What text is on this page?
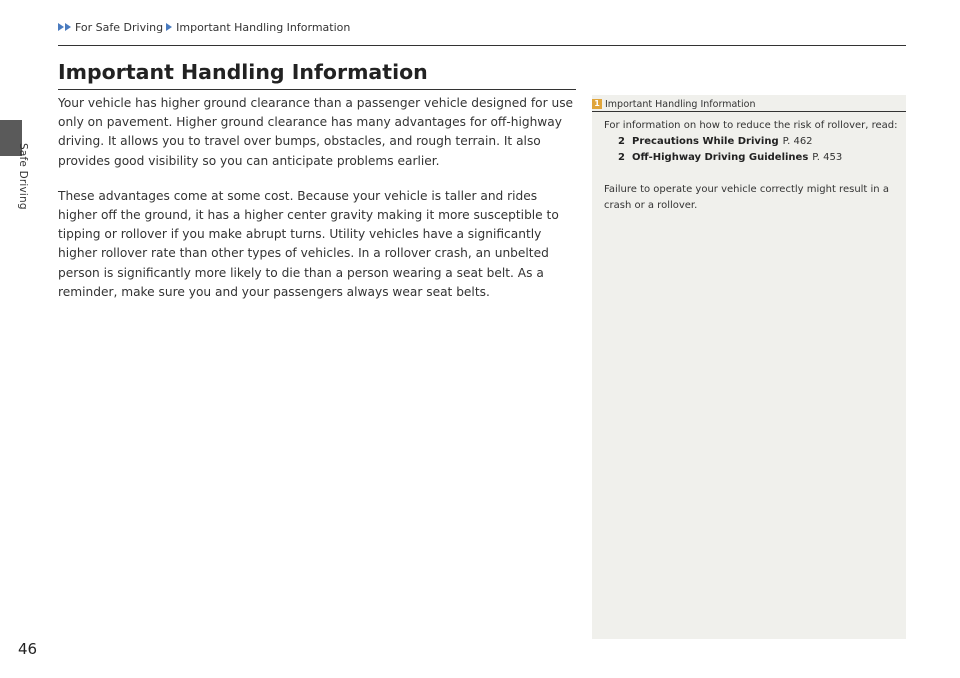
Safe Driving
For Safe Driving Important Handling Information
Important Handling Information

Your vehicle has higher ground clearance than a passenger vehicle designed for use only on pavement. Higher ground clearance has many advantages for off-highway driving. It allows you to travel over bumps, obstacles, and rough terrain. It also provides good visibility so you can anticipate problems earlier.

These advantages come at some cost. Because your vehicle is taller and rides higher off the ground, it has a higher center gravity making it more susceptible to tipping or rollover if you make abrupt turns. Utility vehicles have a significantly higher rollover rate than other types of vehicles. In a rollover crash, an unbelted person is significantly more likely to die than a person wearing a seat belt. As a reminder, make sure you and your passengers always wear seat belts.

1 Important Handling Information

For information on how to reduce the risk of rollover, read:

2 Precautions While Driving P. 462
2 Off-Highway Driving Guidelines P. 453

Failure to operate your vehicle correctly might result in a crash or a rollover.

46
